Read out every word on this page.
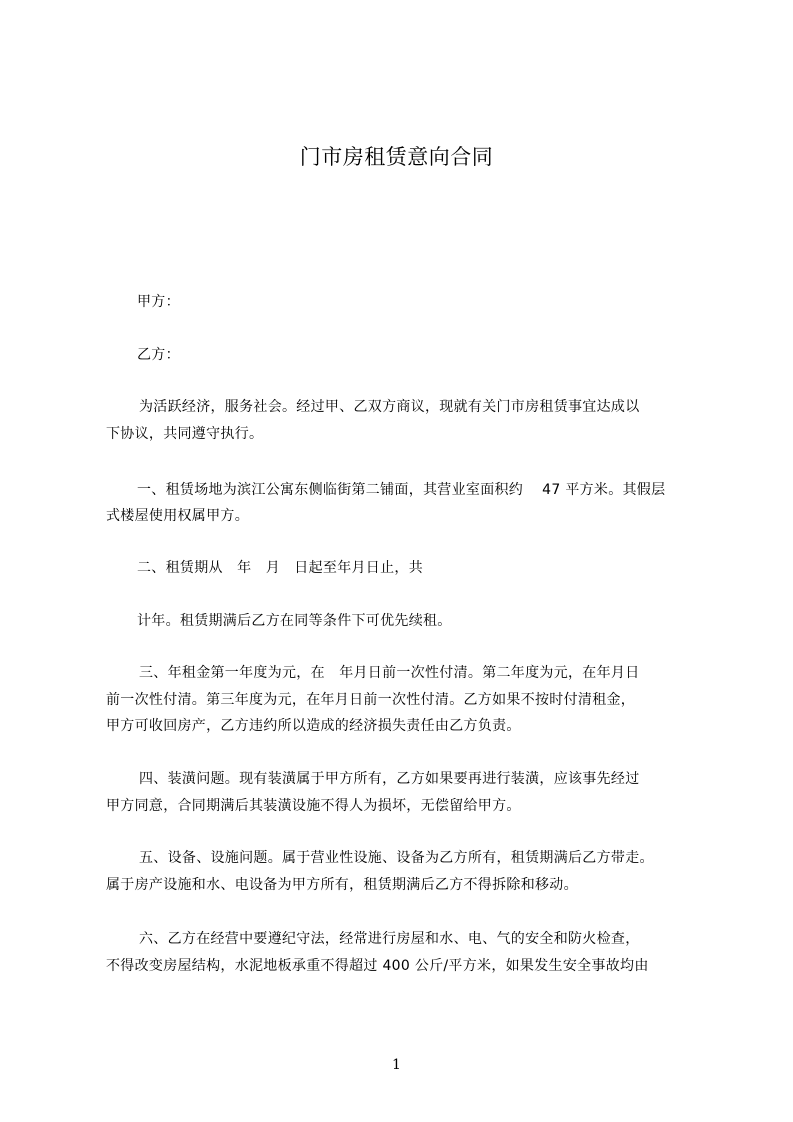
门市房租赁意向合同
甲方：
乙方：
为活跃经济，服务社会。经过甲、乙双方商议，现就有关门市房租赁事宜达成以
下协议，共同遵守执行。
一、租赁场地为滨江公寓东侧临街第二铺面，其营业室面积约　 47 平方米。其假层
式楼屋使用权属甲方。
二、租赁期从　年　月　日起至年月日止，共
计年。租赁期满后乙方在同等条件下可优先续租。
三、年租金第一年度为元，在　年月日前一次性付清。第二年度为元，在年月日
前一次性付清。第三年度为元，在年月日前一次性付清。乙方如果不按时付清租金，
甲方可收回房产，乙方违约所以造成的经济损失责任由乙方负责。
四、装潢问题。现有装潢属于甲方所有，乙方如果要再进行装潢，应该事先经过
甲方同意，合同期满后其装潢设施不得人为损坏，无偿留给甲方。
五、设备、设施问题。属于营业性设施、设备为乙方所有，租赁期满后乙方带走。
属于房产设施和水、电设备为甲方所有，租赁期满后乙方不得拆除和移动。
六、乙方在经营中要遵纪守法，经常进行房屋和水、电、气的安全和防火检查，
不得改变房屋结构，水泥地板承重不得超过 400 公斤/平方米，如果发生安全事故均由
1
